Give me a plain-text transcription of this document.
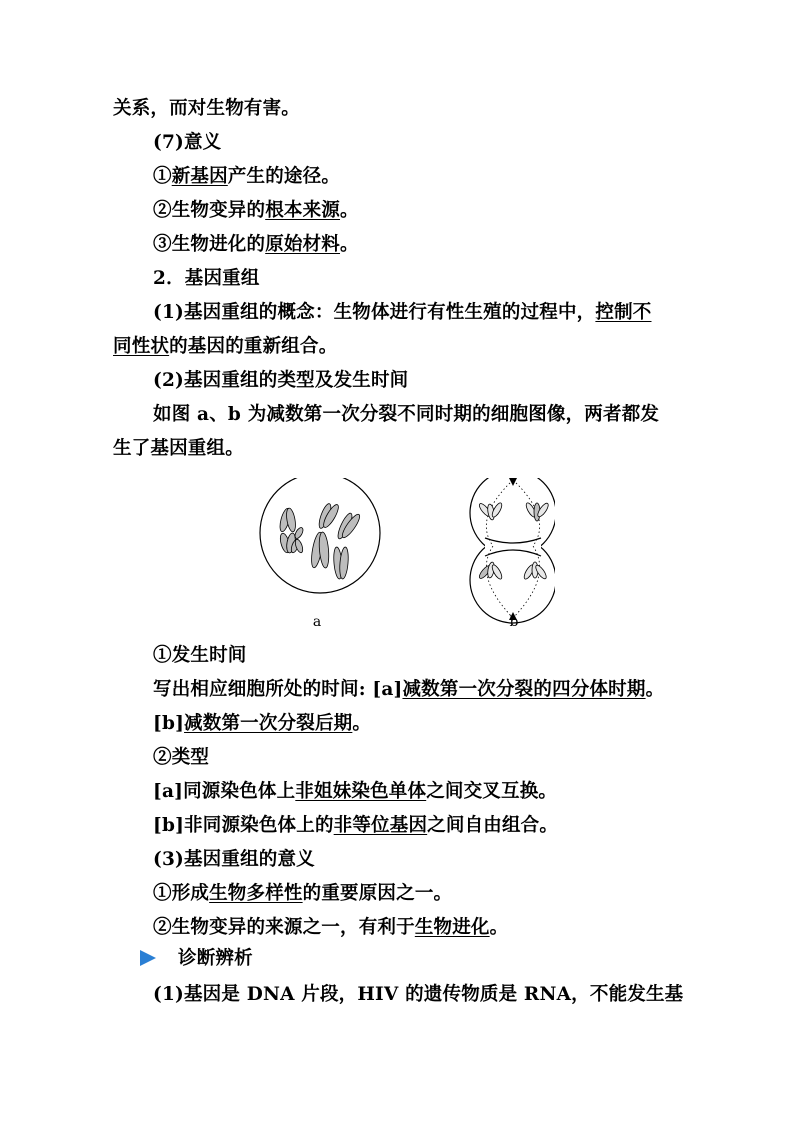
关系，而对生物有害。
(7)意义
①新基因产生的途径。
②生物变异的根本来源。
③生物进化的原始材料。
2．基因重组
(1)基因重组的概念：生物体进行有性生殖的过程中，控制不
同性状的基因的重新组合。
(2)基因重组的类型及发生时间
如图 a、b 为减数第一次分裂不同时期的细胞图像，两者都发
生了基因重组。
a	b
①发生时间
写出相应细胞所处的时间: [a]减数第一次分裂的四分体时期。
[b]减数第一次分裂后期。
②类型
[a]同源染色体上非姐妹染色单体之间交叉互换。
[b]非同源染色体上的非等位基因之间自由组合。
(3)基因重组的意义
①形成生物多样性的重要原因之一。
②生物变异的来源之一，有利于生物进化。
诊断辨析
(1)基因是 DNA 片段，HIV 的遗传物质是 RNA，不能发生基
